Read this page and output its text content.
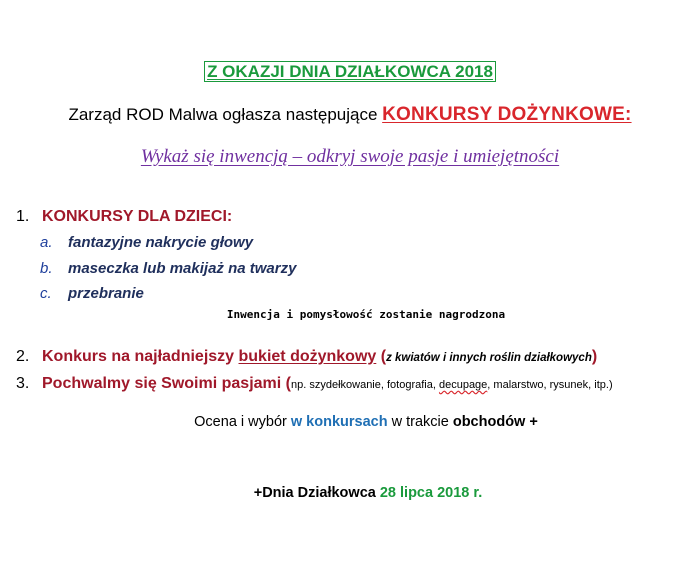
Z OKAZJI DNIA DZIAŁKOWCA 2018
Zarząd ROD Malwa ogłasza następujące KONKURSY DOŻYNKOWE:
Wykaż się inwencją – odkryj swoje pasje i umiejętności
1. KONKURSY DLA DZIECI:
a. fantazyjne nakrycie głowy
b. maseczka lub makijaż na twarzy
c. przebranie
Inwencja i pomysłowość zostanie nagrodzona
2. Konkurs na najładniejszy bukiet dożynkowy (z kwiatów i innych roślin działkowych)
3. Pochwalmy się Swoimi pasjami (np. szydełkowanie, fotografia, decupage, malarstwo, rysunek, itp.)
Ocena i wybór w konkursach w trakcie obchodów +
+Dnia Działkowca 28 lipca 2018 r.
